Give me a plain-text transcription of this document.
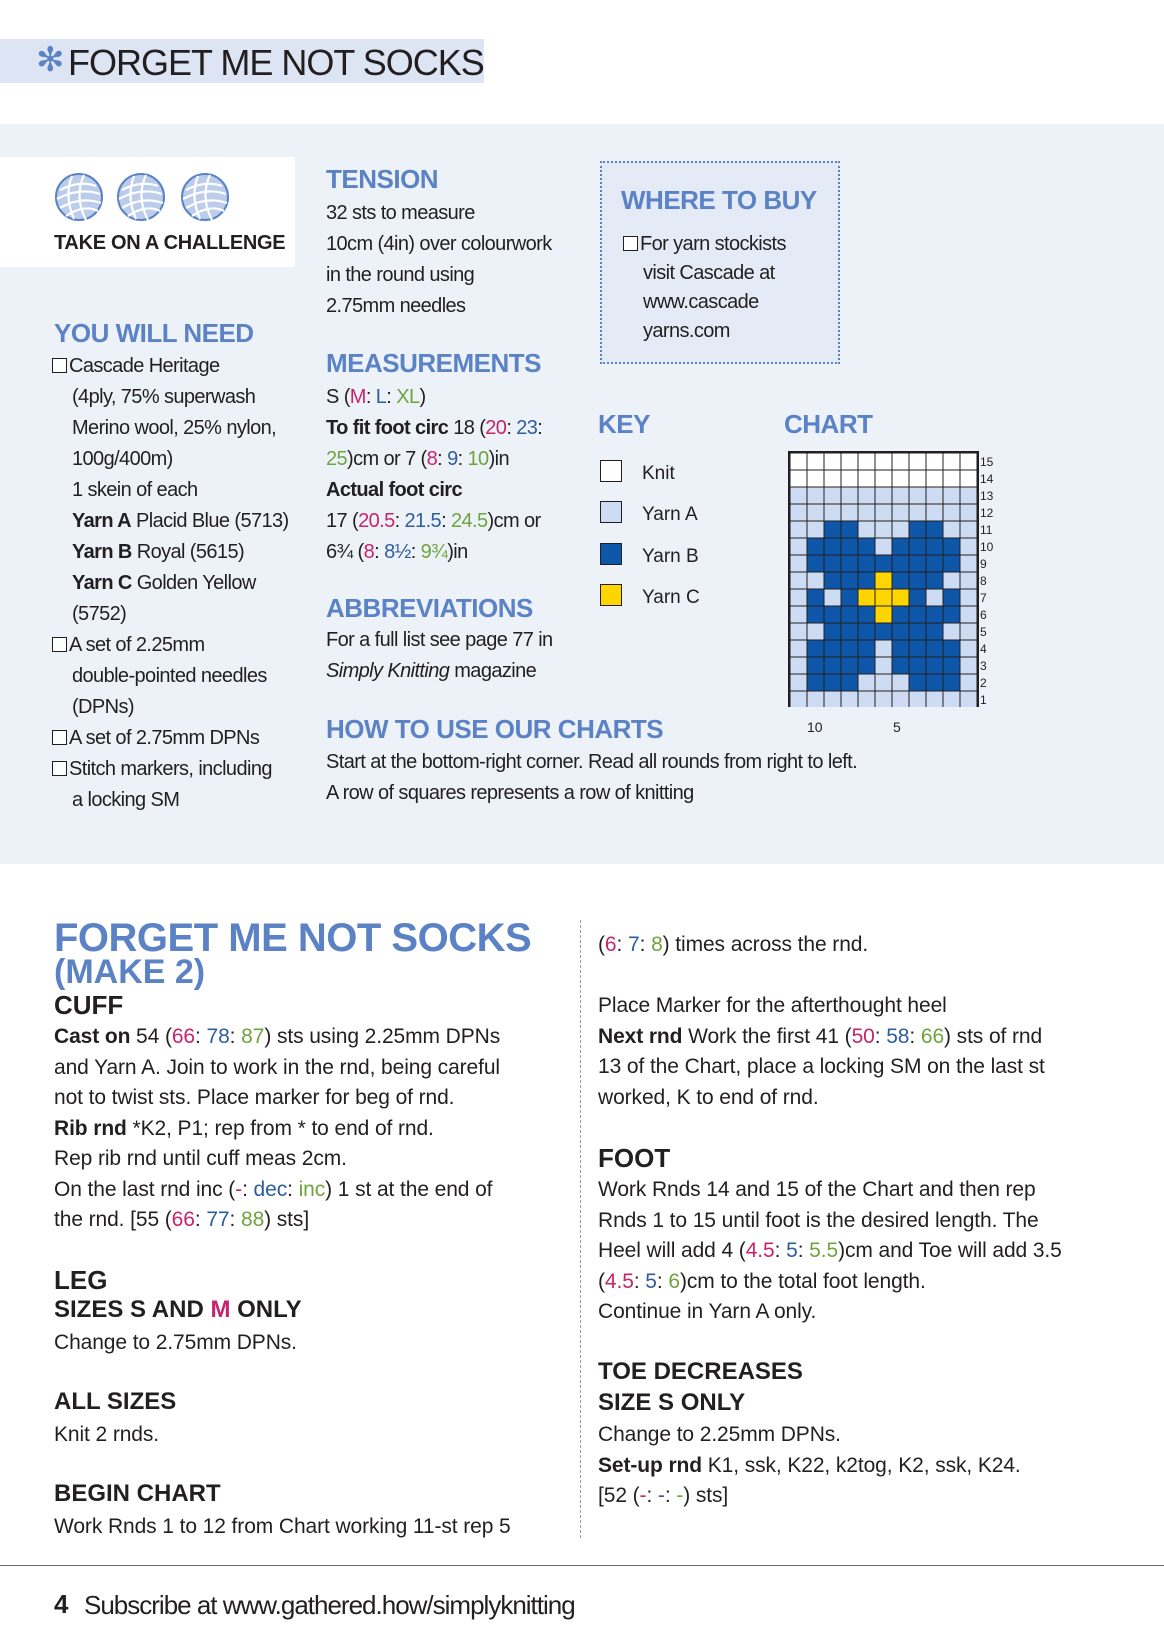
✻ FORGET ME NOT SOCKS
TAKE ON A CHALLENGE
YOU WILL NEED
Cascade Heritage
(4ply, 75% superwash
Merino wool, 25% nylon,
100g/400m)
1 skein of each
Yarn A Placid Blue (5713)
Yarn B Royal (5615)
Yarn C Golden Yellow
(5752)
A set of 2.25mm
double-pointed needles
(DPNs)
A set of 2.75mm DPNs
Stitch markers, including
a locking SM
TENSION
32 sts to measure
10cm (4in) over colourwork
in the round using
2.75mm needles
MEASUREMENTS
S (M: L: XL)
To fit foot circ 18 (20: 23:
25)cm or 7 (8: 9: 10)in
Actual foot circ
17 (20.5: 21.5: 24.5)cm or
6¾ (8: 8½: 9¾)in
ABBREVIATIONS
For a full list see page 77 in
Simply Knitting magazine
WHERE TO BUY
For yarn stockists
visit Cascade at
www.cascade
yarns.com
KEY
Knit
Yarn A
Yarn B
Yarn C
CHART
15
14
13
12
11
10
9
8
7
6
5
4
3
2
1
10	5
HOW TO USE OUR CHARTS
Start at the bottom-right corner. Read all rounds from right to left.
A row of squares represents a row of knitting
FORGET ME NOT SOCKS
(MAKE 2)
CUFF
Cast on 54 (66: 78: 87) sts using 2.25mm DPNs
and Yarn A. Join to work in the rnd, being careful
not to twist sts. Place marker for beg of rnd.
Rib rnd *K2, P1; rep from * to end of rnd.
Rep rib rnd until cuff meas 2cm.
On the last rnd inc (-: dec: inc) 1 st at the end of
the rnd. [55 (66: 77: 88) sts]
LEG
SIZES S AND M ONLY
Change to 2.75mm DPNs.
ALL SIZES
Knit 2 rnds.
BEGIN CHART
Work Rnds 1 to 12 from Chart working 11-st rep 5
(6: 7: 8) times across the rnd.
Place Marker for the afterthought heel
Next rnd Work the first 41 (50: 58: 66) sts of rnd
13 of the Chart, place a locking SM on the last st
worked, K to end of rnd.
FOOT
Work Rnds 14 and 15 of the Chart and then rep
Rnds 1 to 15 until foot is the desired length. The
Heel will add 4 (4.5: 5: 5.5)cm and Toe will add 3.5
(4.5: 5: 6)cm to the total foot length.
Continue in Yarn A only.
TOE DECREASES
SIZE S ONLY
Change to 2.25mm DPNs.
Set-up rnd K1, ssk, K22, k2tog, K2, ssk, K24.
[52 (-: -: -) sts]
4 Subscribe at www.gathered.how/simplyknitting
